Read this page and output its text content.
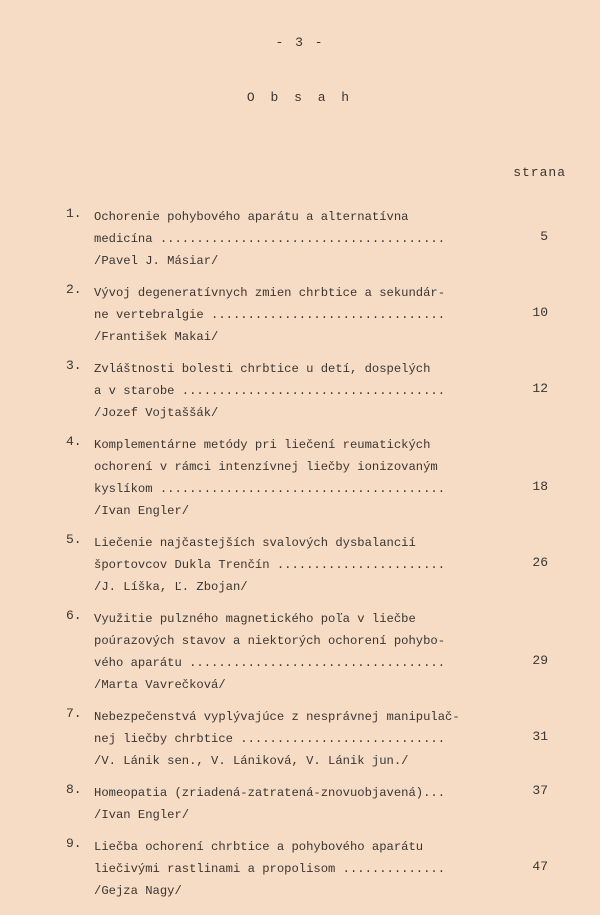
- 3 -
O b s a h
strana
1.	Ochorenie pohybového aparátu a alternatívna
medicína .......................................
/Pavel J. Másiar/
5
2.	Vývoj degeneratívnych zmien chrbtice a sekundár-
ne vertebralgie ................................
/František Makai/
10
3.	Zvláštnosti bolesti chrbtice u detí, dospelých
a v starobe ....................................
/Jozef Vojtaššák/
12
4.	Komplementárne metódy pri liečení reumatických
ochorení v rámci intenzívnej liečby ionizovaným
kyslíkom .......................................
/Ivan Engler/
18
5.	Liečenie najčastejších svalových dysbalancií
športovcov Dukla Trenčín .......................
/J. Líška, Ľ. Zbojan/
26
6.	Využitie pulzného magnetického poľa v liečbe
poúrazových stavov a niektorých ochorení pohybo-
vého aparátu ...................................
/Marta Vavrečková/
29
7.	Nebezpečenstvá vyplývajúce z nesprávnej manipulač-
nej liečby chrbtice ............................
/V. Lánik sen., V. Lániková, V. Lánik jun./
31
8.	Homeopatia (zriadená-zatratená-znovuobjavená)...
/Ivan Engler/
37
9.	Liečba ochorení chrbtice a pohybového aparátu
liečivými rastlinami a propolisom ..............
/Gejza Nagy/
47
